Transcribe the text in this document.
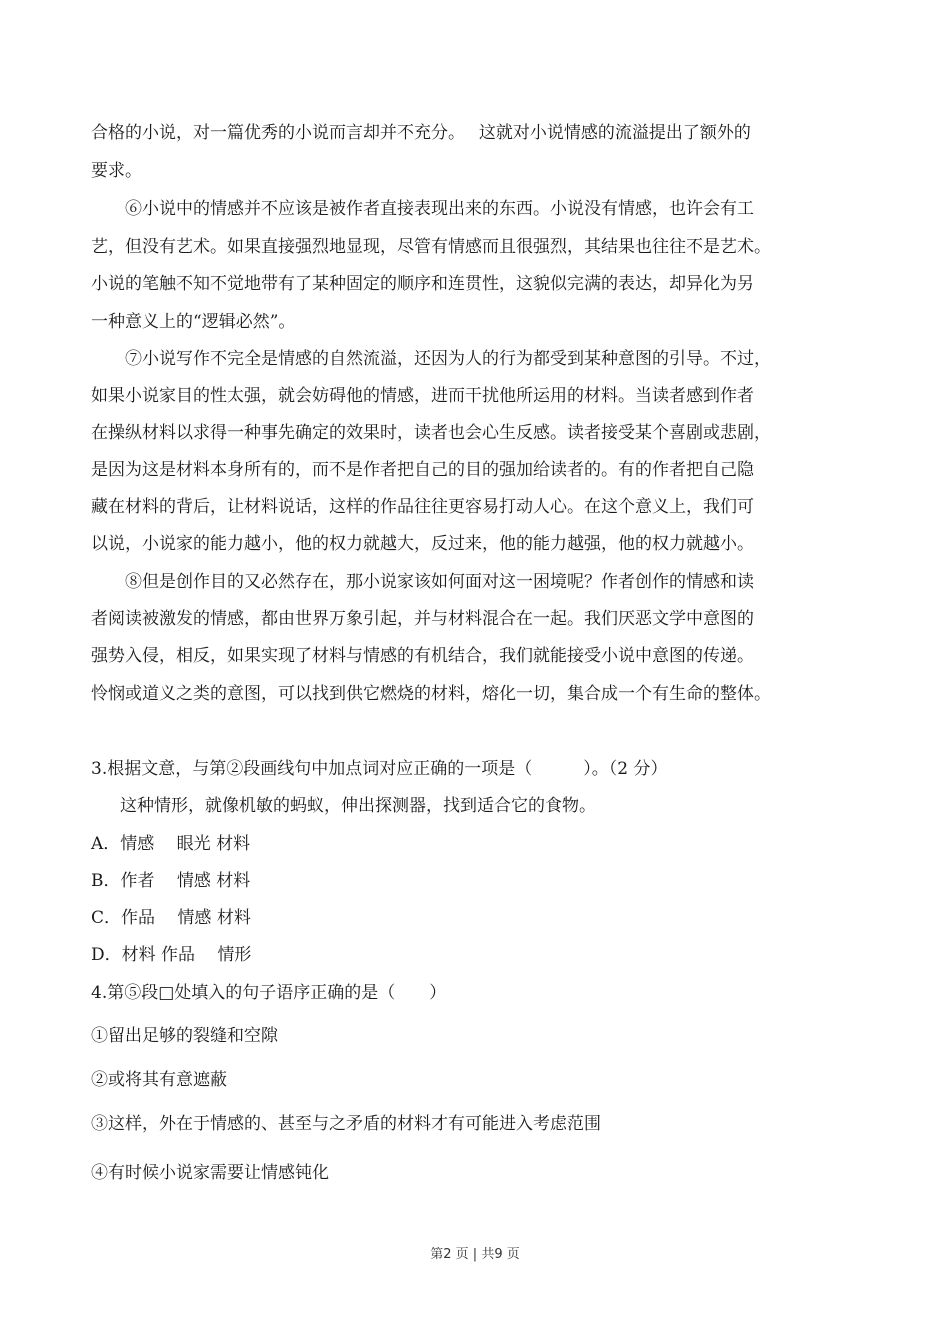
合格的小说，对一篇优秀的小说而言却并不充分。　 这就对小说情感的流溢提出了额外的
要求。
⑥小说中的情感并不应该是被作者直接表现出来的东西。小说没有情感，也许会有工
艺，但没有艺术。如果直接强烈地显现，尽管有情感而且很强烈，其结果也往往不是艺术。
小说的笔触不知不觉地带有了某种固定的顺序和连贯性，这貌似完满的表达，却异化为另
一种意义上的“逻辑必然”。
⑦小说写作不完全是情感的自然流溢，还因为人的行为都受到某种意图的引导。不过，
如果小说家目的性太强，就会妨碍他的情感，进而干扰他所运用的材料。当读者感到作者
在操纵材料以求得一种事先确定的效果时，读者也会心生反感。读者接受某个喜剧或悲剧，
是因为这是材料本身所有的，而不是作者把自己的目的强加给读者的。有的作者把自己隐
藏在材料的背后，让材料说话，这样的作品往往更容易打动人心。在这个意义上，我们可
以说，小说家的能力越小，他的权力就越大，反过来，他的能力越强，他的权力就越小。
⑧但是创作目的又必然存在，那小说家该如何面对这一困境呢？作者创作的情感和读
者阅读被激发的情感，都由世界万象引起，并与材料混合在一起。我们厌恶文学中意图的
强势入侵，相反，如果实现了材料与情感的有机结合，我们就能接受小说中意图的传递。
怜悯或道义之类的意图，可以找到供它燃烧的材料，熔化一切，集合成一个有生命的整体。
3.根据文意，与第②段画线句中加点词对应正确的一项是（　　　）。（2 分）
这种情形，就像机敏的蚂蚁，伸出探测器，找到适合它的食物。
A．情感　 眼光 材料
B．作者　 情感 材料
C．作品　 情感 材料
D．材料 作品　 情形
4.第⑤段□处填入的句子语序正确的是（　　）
①留出足够的裂缝和空隙
②或将其有意遮蔽
③这样，外在于情感的、甚至与之矛盾的材料才有可能进入考虑范围
④有时候小说家需要让情感钝化
第2 页 | 共9 页
